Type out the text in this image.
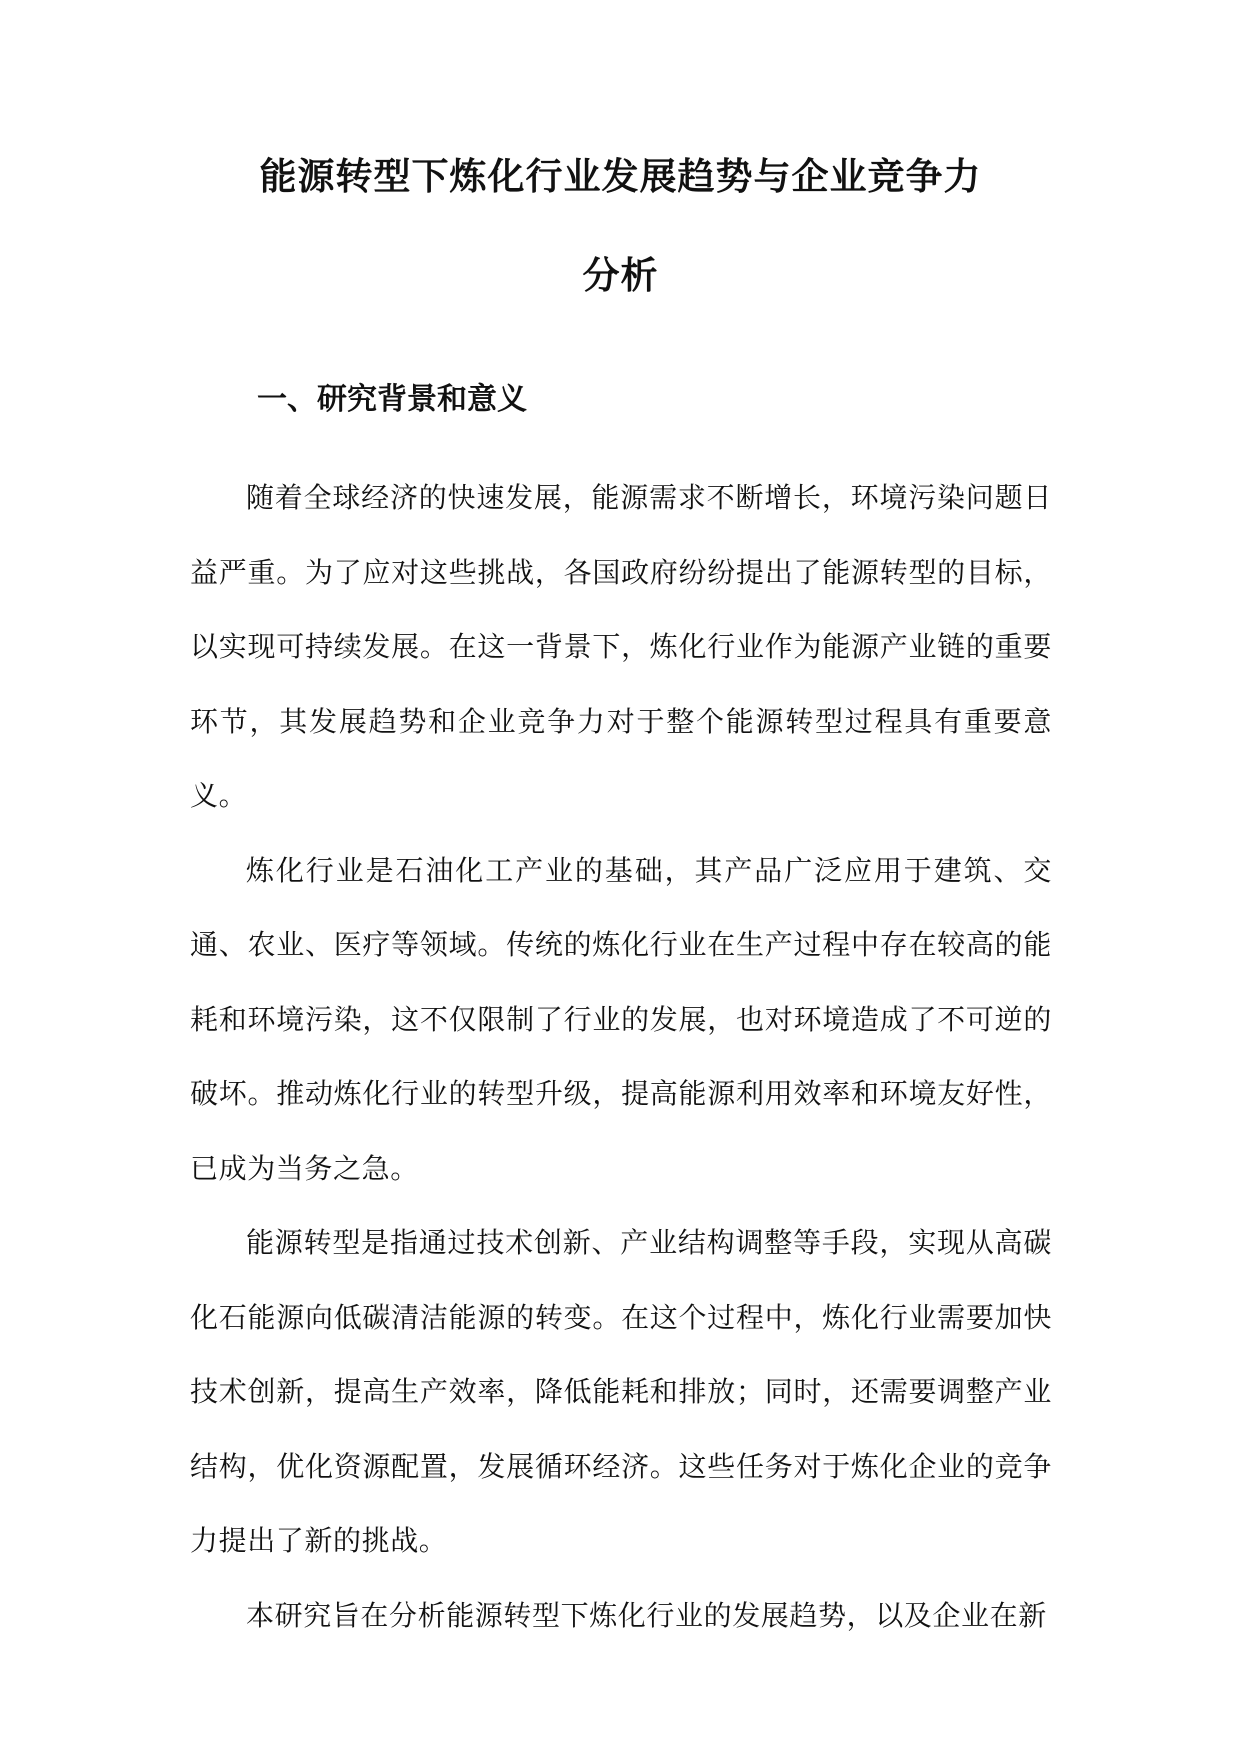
能源转型下炼化行业发展趋势与企业竞争力
分析
一、研究背景和意义

随着全球经济的快速发展，能源需求不断增长，环境污染问题日益严重。为了应对这些挑战，各国政府纷纷提出了能源转型的目标，以实现可持续发展。在这一背景下，炼化行业作为能源产业链的重要环节，其发展趋势和企业竞争力对于整个能源转型过程具有重要意义。

炼化行业是石油化工产业的基础，其产品广泛应用于建筑、交通、农业、医疗等领域。传统的炼化行业在生产过程中存在较高的能耗和环境污染，这不仅限制了行业的发展，也对环境造成了不可逆的破坏。推动炼化行业的转型升级，提高能源利用效率和环境友好性，已成为当务之急。

能源转型是指通过技术创新、产业结构调整等手段，实现从高碳化石能源向低碳清洁能源的转变。在这个过程中，炼化行业需要加快技术创新，提高生产效率，降低能耗和排放；同时，还需要调整产业结构，优化资源配置，发展循环经济。这些任务对于炼化企业的竞争力提出了新的挑战。

本研究旨在分析能源转型下炼化行业的发展趋势，以及企业在新
